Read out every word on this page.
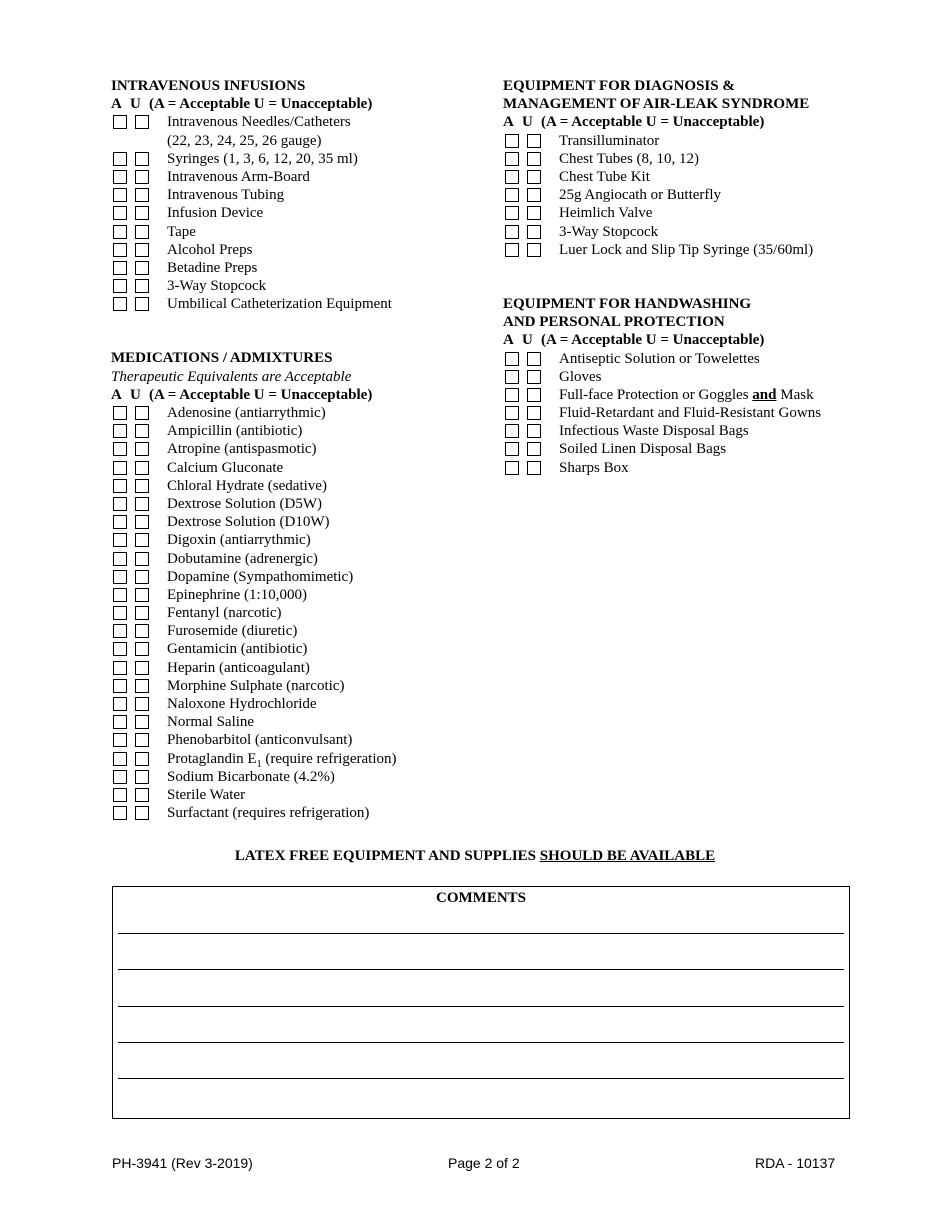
INTRAVENOUS INFUSIONS
A U (A = Acceptable U = Unacceptable)
Intravenous Needles/Catheters
(22, 23, 24, 25, 26 gauge)
Syringes (1, 3, 6, 12, 20, 35 ml)
Intravenous Arm-Board
Intravenous Tubing
Infusion Device
Tape
Alcohol Preps
Betadine Preps
3-Way Stopcock
Umbilical Catheterization Equipment
MEDICATIONS / ADMIXTURES
Therapeutic Equivalents are Acceptable
A U (A = Acceptable U = Unacceptable)
Adenosine (antiarrythmic)
Ampicillin (antibiotic)
Atropine (antispasmotic)
Calcium Gluconate
Chloral Hydrate (sedative)
Dextrose Solution (D5W)
Dextrose Solution (D10W)
Digoxin (antiarrythmic)
Dobutamine (adrenergic)
Dopamine (Sympathomimetic)
Epinephrine (1:10,000)
Fentanyl (narcotic)
Furosemide (diuretic)
Gentamicin (antibiotic)
Heparin (anticoagulant)
Morphine Sulphate (narcotic)
Naloxone Hydrochloride
Normal Saline
Phenobarbitol (anticonvulsant)
Protaglandin $E_1$ (require refrigeration)
Sodium Bicarbonate (4.2%)
Sterile Water
Surfactant (requires refrigeration)
EQUIPMENT FOR DIAGNOSIS &
MANAGEMENT OF AIR-LEAK SYNDROME
A U (A = Acceptable U = Unacceptable)
Transilluminator
Chest Tubes (8, 10, 12)
Chest Tube Kit
25g Angiocath or Butterfly
Heimlich Valve
3-Way Stopcock
Luer Lock and Slip Tip Syringe (35/60ml)
EQUIPMENT FOR HANDWASHING
AND PERSONAL PROTECTION
A U (A = Acceptable U = Unacceptable)
Antiseptic Solution or Towelettes
Gloves
Full-face Protection or Goggles and Mask
Fluid-Retardant and Fluid-Resistant Gowns
Infectious Waste Disposal Bags
Soiled Linen Disposal Bags
Sharps Box
LATEX FREE EQUIPMENT AND SUPPLIES SHOULD BE AVAILABLE
COMMENTS
PH-3941 (Rev 3-2019)	Page 2 of 2	RDA - 10137
